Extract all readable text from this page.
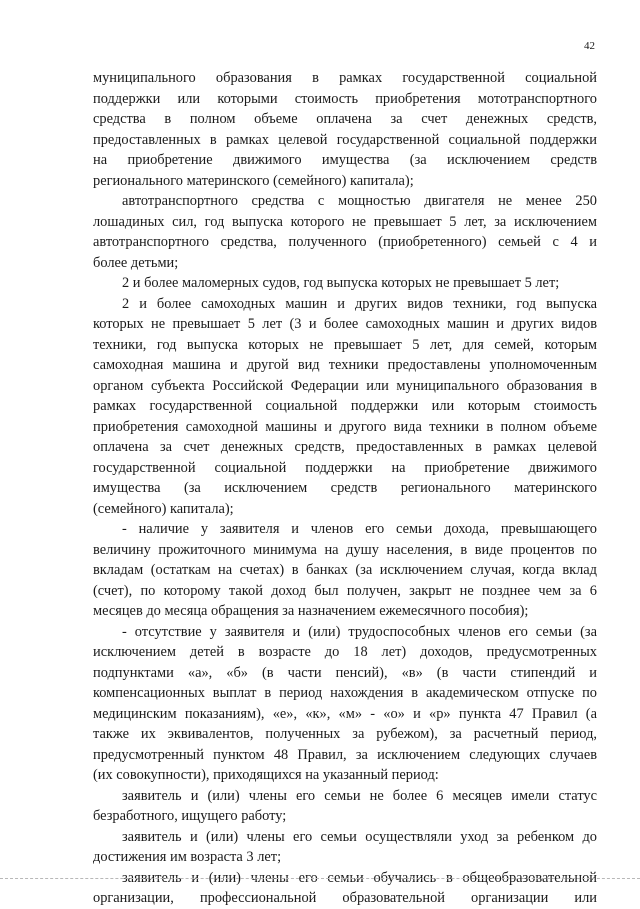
42
муниципального образования в рамках государственной социальной
поддержки или которыми стоимость приобретения мототранспортного
средства в полном объеме оплачена за счет денежных средств,
предоставленных в рамках целевой государственной социальной поддержки
на приобретение движимого имущества (за исключением средств
регионального материнского (семейного) капитала);
автотранспортного средства с мощностью двигателя не менее 250
лошадиных сил, год выпуска которого не превышает 5 лет, за исключением
автотранспортного средства, полученного (приобретенного) семьей с 4 и
более детьми;
2 и более маломерных судов, год выпуска которых не превышает 5 лет;
2 и более самоходных машин и других видов техники, год выпуска
которых не превышает 5 лет (3 и более самоходных машин и других видов
техники, год выпуска которых не превышает 5 лет, для семей, которым
самоходная машина и другой вид техники предоставлены уполномоченным
органом субъекта Российской Федерации или муниципального образования в
рамках государственной социальной поддержки или которым стоимость
приобретения самоходной машины и другого вида техники в полном объеме
оплачена за счет денежных средств, предоставленных в рамках целевой
государственной социальной поддержки на приобретение движимого
имущества (за исключением средств регионального материнского
(семейного) капитала);
- наличие у заявителя и членов его семьи дохода, превышающего
величину прожиточного минимума на душу населения, в виде процентов по
вкладам (остаткам на счетах) в банках (за исключением случая, когда вклад
(счет), по которому такой доход был получен, закрыт не позднее чем за 6
месяцев до месяца обращения за назначением ежемесячного пособия);
- отсутствие у заявителя и (или) трудоспособных членов его семьи (за
исключением детей в возрасте до 18 лет) доходов, предусмотренных
подпунктами «а», «б» (в части пенсий), «в» (в части стипендий и
компенсационных выплат в период нахождения в академическом отпуске по
медицинским показаниям), «е», «к», «м» - «о» и «р» пункта 47 Правил (а
также их эквивалентов, полученных за рубежом), за расчетный период,
предусмотренный пунктом 48 Правил, за исключением следующих случаев
(их совокупности), приходящихся на указанный период:
заявитель и (или) члены его семьи не более 6 месяцев имели статус
безработного, ищущего работу;
заявитель и (или) члены его семьи осуществляли уход за ребенком до
достижения им возраста 3 лет;
заявитель и (или) члены его семьи обучались в общеобразовательной
организации, профессиональной образовательной организации или
